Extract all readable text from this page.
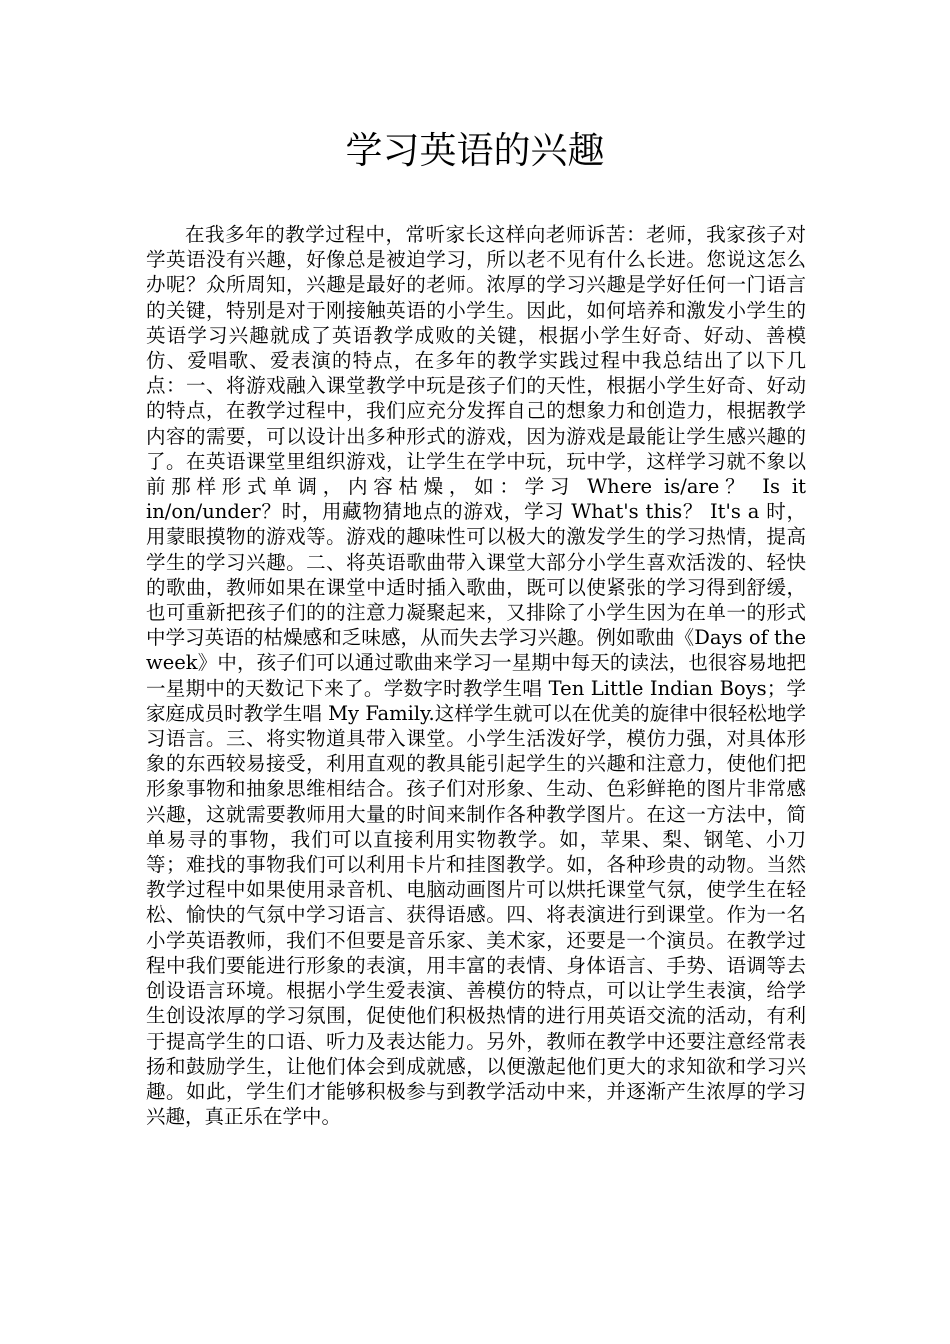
学习英语的兴趣

在我多年的教学过程中，常听家长这样向老师诉苦：老师，我家孩子对学英语没有兴趣，好像总是被迫学习，所以老不见有什么长进。您说这怎么办呢？众所周知，兴趣是最好的老师。浓厚的学习兴趣是学好任何一门语言的关键，特别是对于刚接触英语的小学生。因此，如何培养和激发小学生的英语学习兴趣就成了英语教学成败的关键，根据小学生好奇、好动、善模仿、爱唱歌、爱表演的特点，在多年的教学实践过程中我总结出了以下几点：一、将游戏融入课堂教学中玩是孩子们的天性，根据小学生好奇、好动的特点，在教学过程中，我们应充分发挥自己的想象力和创造力，根据教学内容的需要，可以设计出多种形式的游戏，因为游戏是最能让学生感兴趣的了。在英语课堂里组织游戏，让学生在学中玩，玩中学，这样学习就不象以前那样形式单调，内容枯燥，如：学习 Where is/are？ Is it in/on/under？时，用藏物猜地点的游戏，学习 What's this？ It's a 时，用蒙眼摸物的游戏等。游戏的趣味性可以极大的激发学生的学习热情，提高学生的学习兴趣。二、将英语歌曲带入课堂大部分小学生喜欢活泼的、轻快的歌曲，教师如果在课堂中适时插入歌曲，既可以使紧张的学习得到舒缓，也可重新把孩子们的的注意力凝聚起来，又排除了小学生因为在单一的形式中学习英语的枯燥感和乏味感，从而失去学习兴趣。例如歌曲《Days of the week》中，孩子们可以通过歌曲来学习一星期中每天的读法，也很容易地把一星期中的天数记下来了。学数字时教学生唱 Ten Little Indian Boys；学家庭成员时教学生唱 My Family.这样学生就可以在优美的旋律中很轻松地学习语言。三、将实物道具带入课堂。小学生活泼好学，模仿力强，对具体形象的东西较易接受，利用直观的教具能引起学生的兴趣和注意力，使他们把形象事物和抽象思维相结合。孩子们对形象、生动、色彩鲜艳的图片非常感兴趣，这就需要教师用大量的时间来制作各种教学图片。在这一方法中，简单易寻的事物，我们可以直接利用实物教学。如，苹果、梨、钢笔、小刀等；难找的事物我们可以利用卡片和挂图教学。如，各种珍贵的动物。当然教学过程中如果使用录音机、电脑动画图片可以烘托课堂气氛，使学生在轻松、愉快的气氛中学习语言、获得语感。四、将表演进行到课堂。作为一名小学英语教师，我们不但要是音乐家、美术家，还要是一个演员。在教学过程中我们要能进行形象的表演，用丰富的表情、身体语言、手势、语调等去创设语言环境。根据小学生爱表演、善模仿的特点，可以让学生表演，给学生创设浓厚的学习氛围，促使他们积极热情的进行用英语交流的活动，有利于提高学生的口语、听力及表达能力。另外，教师在教学中还要注意经常表扬和鼓励学生，让他们体会到成就感，以便激起他们更大的求知欲和学习兴趣。如此，学生们才能够积极参与到教学活动中来，并逐渐产生浓厚的学习兴趣，真正乐在学中。
